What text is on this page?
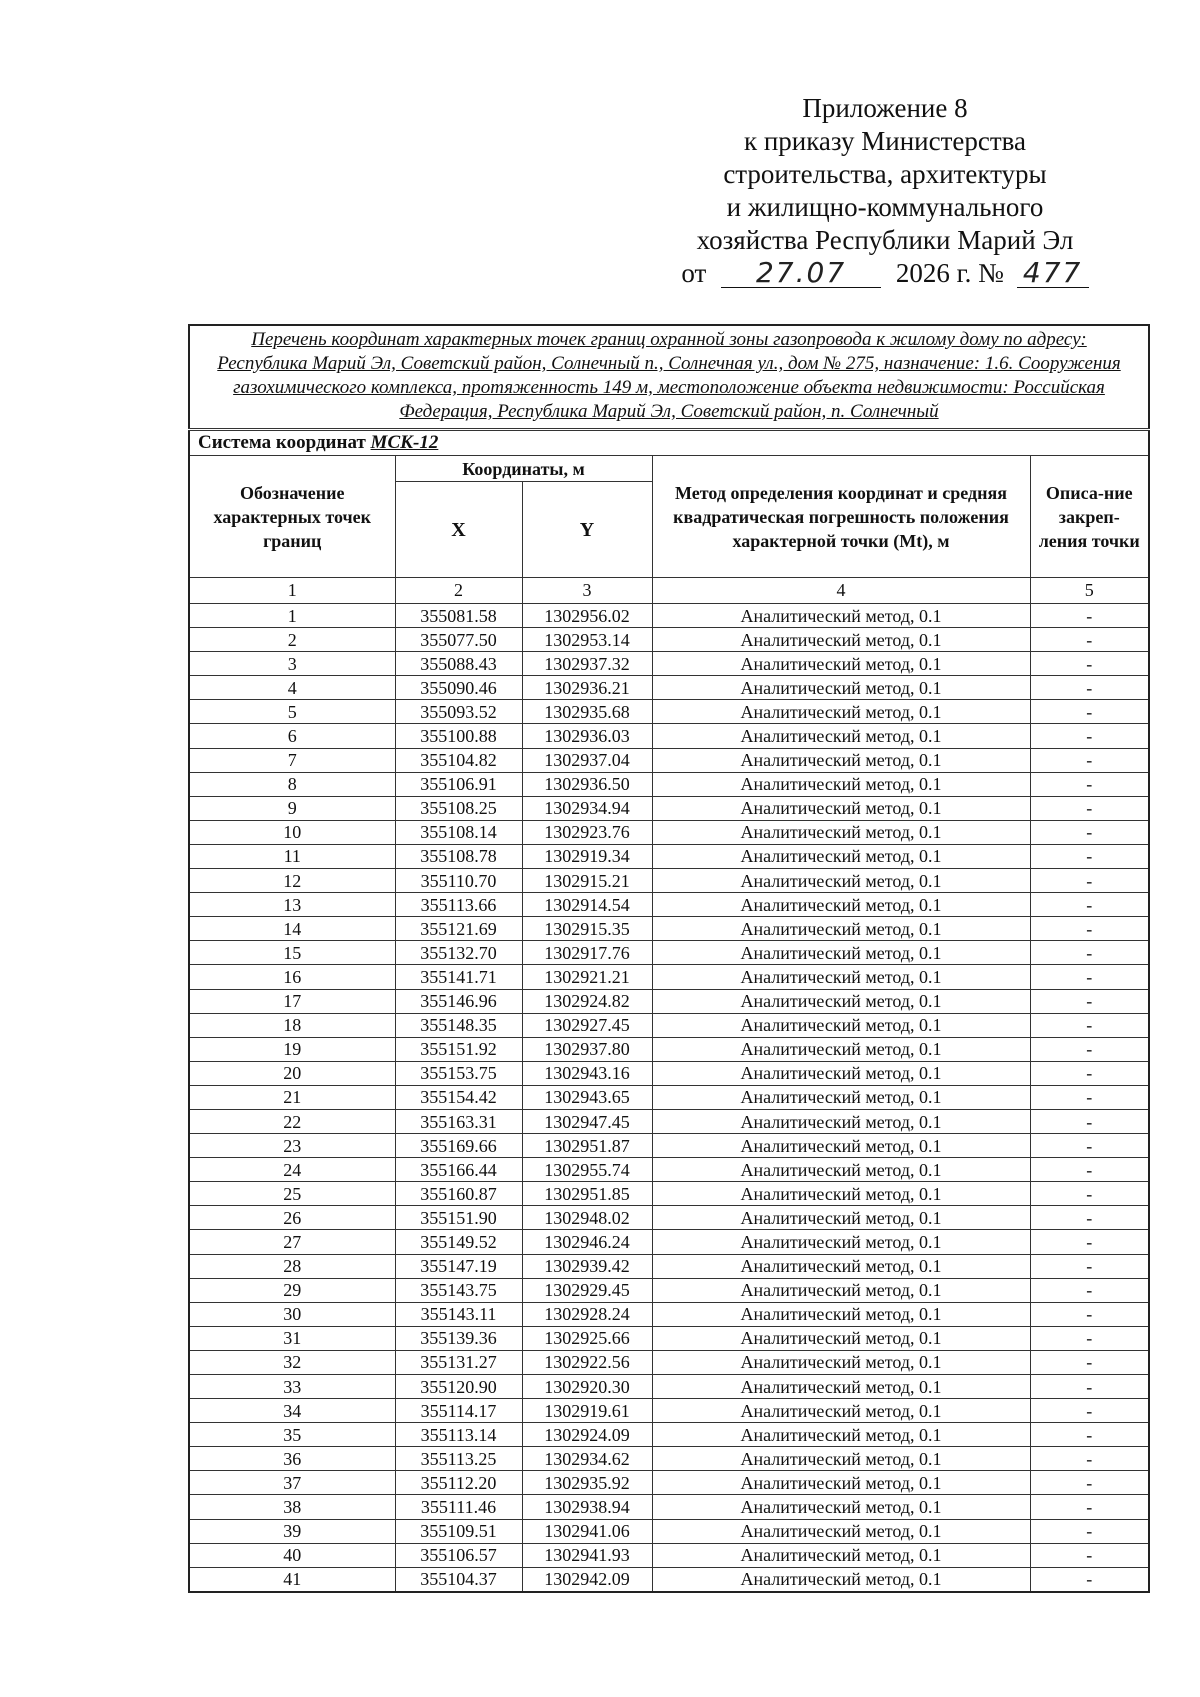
Приложение 8
к приказу Министерства
строительства, архитектуры
и жилищно-коммунального
хозяйства Республики Марий Эл
от 27.07 2026 г. № 477
Перечень координат характерных точек границ охранной зоны газопровода к жилому дому по адресу: Республика Марий Эл, Советский район, Солнечный п., Солнечная ул., дом № 275, назначение: 1.6. Сооружения газохимического комплекса, протяженность 149 м, местоположение объекта недвижимости: Российская Федерация, Республика Марий Эл, Советский район, п. Солнечный				
Система координат МСК-12				
Обозначение характерных точек границ	Координаты, м		Метод определения координат и средняя квадратическая погрешность положения характерной точки (Mt), м	Описа-ние закреп-ления точки
	X	Y		
1	2	3	4	5
1	355081.58	1302956.02	Аналитический метод, 0.1	-
2	355077.50	1302953.14	Аналитический метод, 0.1	-
3	355088.43	1302937.32	Аналитический метод, 0.1	-
4	355090.46	1302936.21	Аналитический метод, 0.1	-
5	355093.52	1302935.68	Аналитический метод, 0.1	-
6	355100.88	1302936.03	Аналитический метод, 0.1	-
7	355104.82	1302937.04	Аналитический метод, 0.1	-
8	355106.91	1302936.50	Аналитический метод, 0.1	-
9	355108.25	1302934.94	Аналитический метод, 0.1	-
10	355108.14	1302923.76	Аналитический метод, 0.1	-
11	355108.78	1302919.34	Аналитический метод, 0.1	-
12	355110.70	1302915.21	Аналитический метод, 0.1	-
13	355113.66	1302914.54	Аналитический метод, 0.1	-
14	355121.69	1302915.35	Аналитический метод, 0.1	-
15	355132.70	1302917.76	Аналитический метод, 0.1	-
16	355141.71	1302921.21	Аналитический метод, 0.1	-
17	355146.96	1302924.82	Аналитический метод, 0.1	-
18	355148.35	1302927.45	Аналитический метод, 0.1	-
19	355151.92	1302937.80	Аналитический метод, 0.1	-
20	355153.75	1302943.16	Аналитический метод, 0.1	-
21	355154.42	1302943.65	Аналитический метод, 0.1	-
22	355163.31	1302947.45	Аналитический метод, 0.1	-
23	355169.66	1302951.87	Аналитический метод, 0.1	-
24	355166.44	1302955.74	Аналитический метод, 0.1	-
25	355160.87	1302951.85	Аналитический метод, 0.1	-
26	355151.90	1302948.02	Аналитический метод, 0.1	-
27	355149.52	1302946.24	Аналитический метод, 0.1	-
28	355147.19	1302939.42	Аналитический метод, 0.1	-
29	355143.75	1302929.45	Аналитический метод, 0.1	-
30	355143.11	1302928.24	Аналитический метод, 0.1	-
31	355139.36	1302925.66	Аналитический метод, 0.1	-
32	355131.27	1302922.56	Аналитический метод, 0.1	-
33	355120.90	1302920.30	Аналитический метод, 0.1	-
34	355114.17	1302919.61	Аналитический метод, 0.1	-
35	355113.14	1302924.09	Аналитический метод, 0.1	-
36	355113.25	1302934.62	Аналитический метод, 0.1	-
37	355112.20	1302935.92	Аналитический метод, 0.1	-
38	355111.46	1302938.94	Аналитический метод, 0.1	-
39	355109.51	1302941.06	Аналитический метод, 0.1	-
40	355106.57	1302941.93	Аналитический метод, 0.1	-
41	355104.37	1302942.09	Аналитический метод, 0.1	-
